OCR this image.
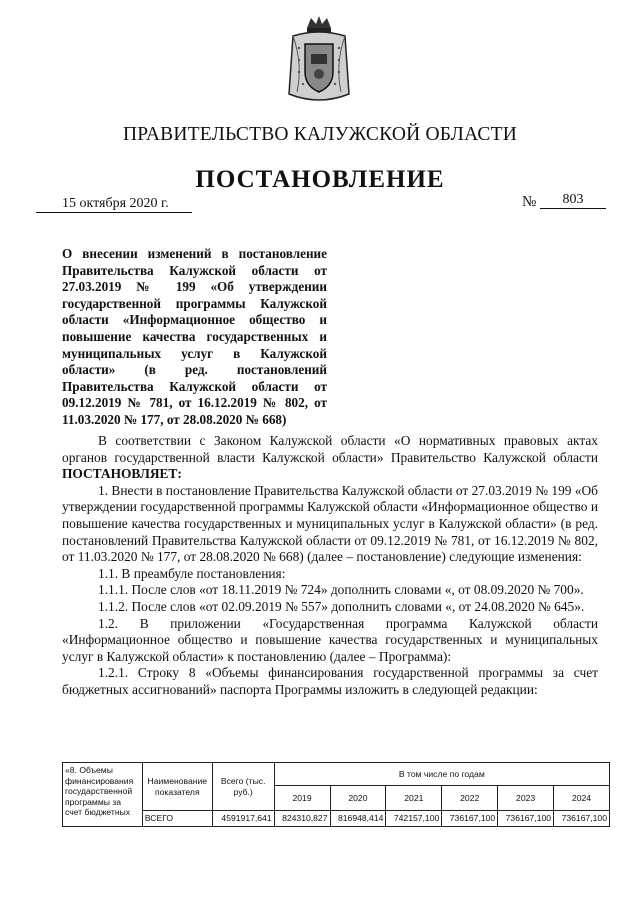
ПРАВИТЕЛЬСТВО КАЛУЖСКОЙ ОБЛАСТИ
ПОСТАНОВЛЕНИЕ
15 октября 2020 г.	№	803
О внесении изменений в постановление Правительства Калужской области от 27.03.2019 № 199 «Об утверждении государственной программы Калужской области «Информационное общество и повышение качества государственных и муниципальных услуг в Калужской области» (в ред. постановлений Правительства Калужской области от 09.12.2019 № 781, от 16.12.2019 № 802, от 11.03.2020 № 177, от 28.08.2020 № 668)

В соответствии с Законом Калужской области «О нормативных правовых актах органов государственной власти Калужской области» Правительство Калужской области ПОСТАНОВЛЯЕТ:

1. Внести в постановление Правительства Калужской области от 27.03.2019 № 199 «Об утверждении государственной программы Калужской области «Информационное общество и повышение качества государственных и муниципальных услуг в Калужской области» (в ред. постановлений Правительства Калужской области от 09.12.2019 № 781, от 16.12.2019 № 802, от 11.03.2020 № 177, от 28.08.2020 № 668) (далее – постановление) следующие изменения:

1.1. В преамбуле постановления:

1.1.1. После слов «от 18.11.2019 № 724» дополнить словами «, от 08.09.2020 № 700».

1.1.2. После слов «от 02.09.2019 № 557» дополнить словами «, от 24.08.2020 № 645».

1.2. В приложении «Государственная программа Калужской области «Информационное общество и повышение качества государственных и муниципальных услуг в Калужской области» к постановлению (далее – Программа):

1.2.1. Строку 8 «Объемы финансирования государственной программы за счет бюджетных ассигнований» паспорта Программы изложить в следующей редакции:

«8. Объемы финансирования государственной программы за счет бюджетных	Наименование показателя	Всего (тыс. руб.)	В том числе по годам					
			2019	2020	2021	2022	2023	2024
	ВСЕГО	4591917,641	824310,827	816948,414	742157,100	736167,100	736167,100	736167,100
